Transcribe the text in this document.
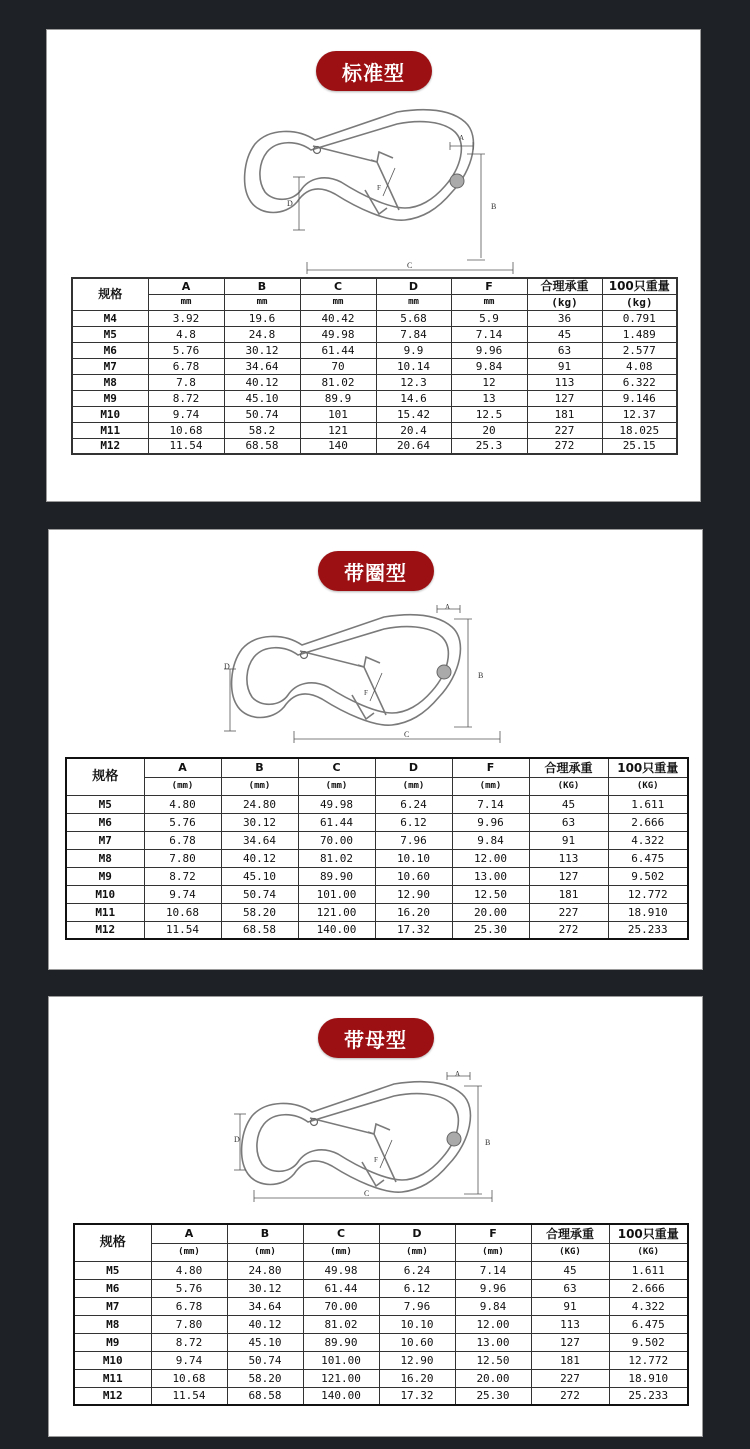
标准型
A
B
C
D
F
规格	A	B	C	D	F	合理承重	100只重量
	mm	mm	mm	mm	mm	(kg)	(kg)
M4	3.92	19.6	40.42	5.68	5.9	36	0.791
M5	4.8	24.8	49.98	7.84	7.14	45	1.489
M6	5.76	30.12	61.44	9.9	9.96	63	2.577
M7	6.78	34.64	70	10.14	9.84	91	4.08
M8	7.8	40.12	81.02	12.3	12	113	6.322
M9	8.72	45.10	89.9	14.6	13	127	9.146
M10	9.74	50.74	101	15.42	12.5	181	12.37
M11	10.68	58.2	121	20.4	20	227	18.025
M12	11.54	68.58	140	20.64	25.3	272	25.15
带圈型
A
B
C
D
F
规格	A	B	C	D	F	合理承重	100只重量
	(mm)	(mm)	(mm)	(mm)	(mm)	(KG)	(KG)
M5	4.80	24.80	49.98	6.24	7.14	45	1.611
M6	5.76	30.12	61.44	6.12	9.96	63	2.666
M7	6.78	34.64	70.00	7.96	9.84	91	4.322
M8	7.80	40.12	81.02	10.10	12.00	113	6.475
M9	8.72	45.10	89.90	10.60	13.00	127	9.502
M10	9.74	50.74	101.00	12.90	12.50	181	12.772
M11	10.68	58.20	121.00	16.20	20.00	227	18.910
M12	11.54	68.58	140.00	17.32	25.30	272	25.233
带母型
A
B
C
D
F
规格	A	B	C	D	F	合理承重	100只重量
	(mm)	(mm)	(mm)	(mm)	(mm)	(KG)	(KG)
M5	4.80	24.80	49.98	6.24	7.14	45	1.611
M6	5.76	30.12	61.44	6.12	9.96	63	2.666
M7	6.78	34.64	70.00	7.96	9.84	91	4.322
M8	7.80	40.12	81.02	10.10	12.00	113	6.475
M9	8.72	45.10	89.90	10.60	13.00	127	9.502
M10	9.74	50.74	101.00	12.90	12.50	181	12.772
M11	10.68	58.20	121.00	16.20	20.00	227	18.910
M12	11.54	68.58	140.00	17.32	25.30	272	25.233
